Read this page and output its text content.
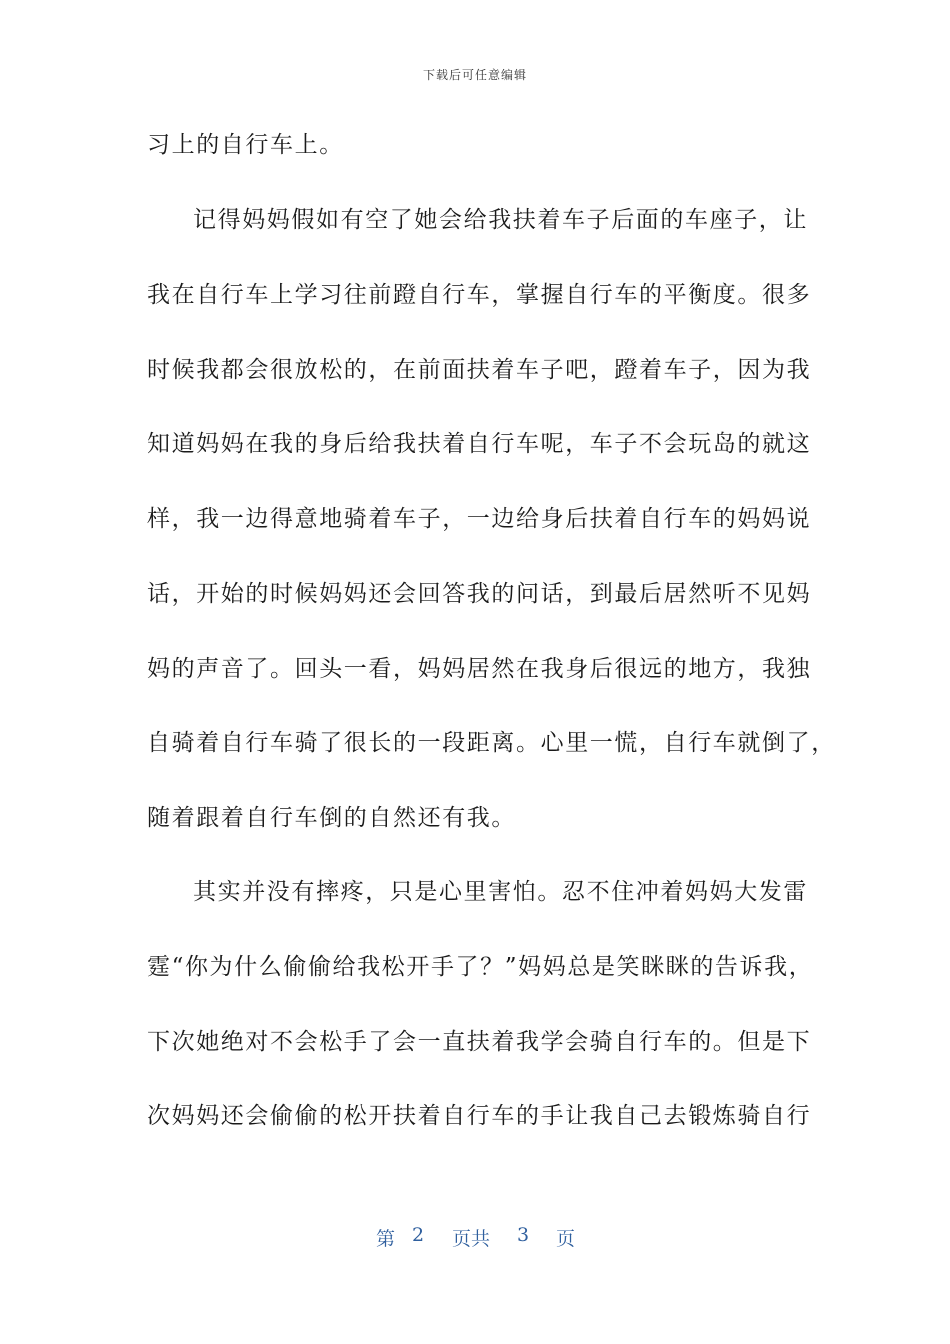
下载后可任意编辑
习上的自行车上。
记得妈妈假如有空了她会给我扶着车子后面的车座子，让
我在自行车上学习往前蹬自行车，掌握自行车的平衡度。很多
时候我都会很放松的，在前面扶着车子吧，蹬着车子，因为我
知道妈妈在我的身后给我扶着自行车呢，车子不会玩岛的就这
样，我一边得意地骑着车子，一边给身后扶着自行车的妈妈说
话，开始的时候妈妈还会回答我的问话，到最后居然听不见妈
妈的声音了。回头一看，妈妈居然在我身后很远的地方，我独
自骑着自行车骑了很长的一段距离。心里一慌，自行车就倒了，
随着跟着自行车倒的自然还有我。
其实并没有摔疼，只是心里害怕。忍不住冲着妈妈大发雷
霆“你为什么偷偷给我松开手了？”妈妈总是笑眯眯的告诉我，
下次她绝对不会松手了会一直扶着我学会骑自行车的。但是下
次妈妈还会偷偷的松开扶着自行车的手让我自己去锻炼骑自行
第 2 页共 3 页
